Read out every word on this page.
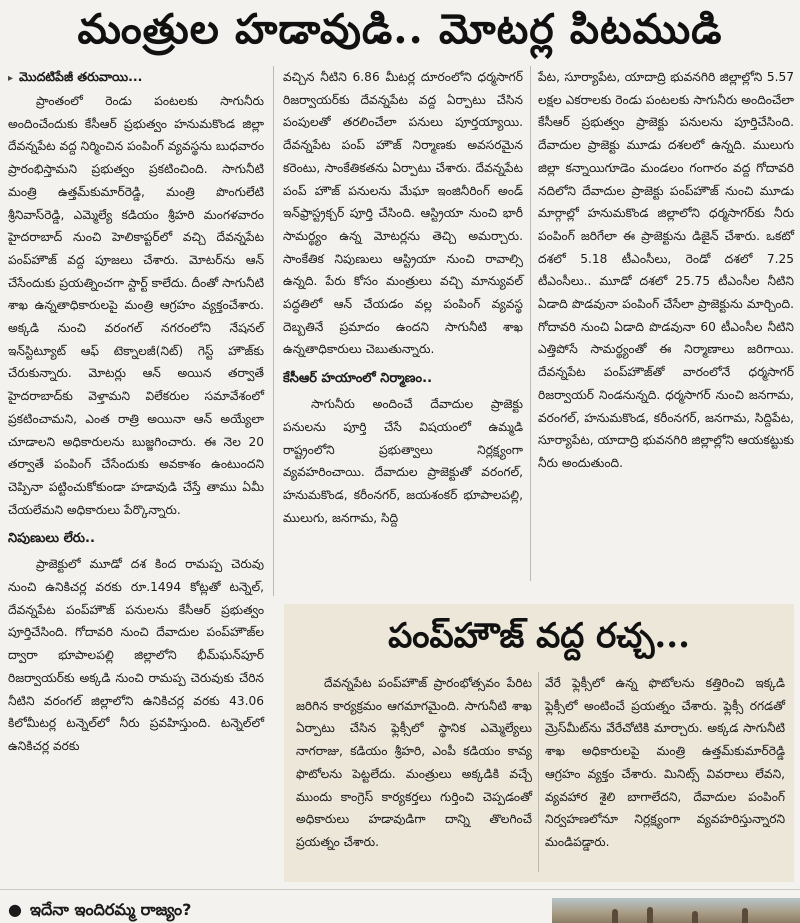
మంత్రుల హడావుడి.. మోటర్ల పిటముడి
▸ మొదటిపేజీ తరువాయి...

ప్రాంతంలో రెండు పంటలకు సాగునీరు అందించేందుకు కేసీఆర్ ప్రభుత్వం హనుమకొండ జిల్లా దేవన్నపేట వద్ద నిర్మించిన పంపింగ్ వ్యవస్థను బుధవారం ప్రారంభిస్తామని ప్రభుత్వం ప్రకటించింది. సాగునీటి మంత్రి ఉత్తమ్‌కుమార్‌రెడ్డి, మంత్రి పొంగులేటి శ్రీనివాస్‌రెడ్డి, ఎమ్మెల్యే కడియం శ్రీహరి మంగళవారం హైదరాబాద్ నుంచి హెలికాప్టర్‌లో వచ్చి దేవన్నపేట పంప్‌హౌజ్ వద్ద పూజలు చేశారు. మోటర్‌ను ఆన్ చేసేందుకు ప్రయత్నించగా స్టార్ట్ కాలేదు. దీంతో సాగునీటి శాఖ ఉన్నతాధికారులపై మంత్రి ఆగ్రహం వ్యక్తంచేశారు. అక్కడి నుంచి వరంగల్ నగరంలోని నేషనల్ ఇన్‌స్టిట్యూట్ ఆఫ్ టెక్నాలజీ(నిట్) గెస్ట్ హౌజ్‌కు చేరుకున్నారు. మోటర్లు ఆన్ అయిన తర్వాతే హైదరాబాద్‌కు వెళ్తామని విలేకరుల సమావేశంలో ప్రకటించామని, ఎంత రాత్రి అయినా ఆన్ అయ్యేలా చూడాలని అధికారులను బుజ్జగించారు. ఈ నెల 20 తర్వాతే పంపింగ్ చేసేందుకు అవకాశం ఉంటుందని చెప్పినా పట్టించుకోకుండా హడావుడి చేస్తే తాము ఏమీ చేయలేమని అధికారులు పేర్కొన్నారు.

నిపుణులు లేరు..

ప్రాజెక్టులో మూడో దశ కింద రామప్ప చెరువు నుంచి ఉనికిచర్ల వరకు రూ.1494 కోట్లతో టన్నెల్, దేవన్నపేట పంప్‌హౌజ్ పనులను కేసీఆర్ ప్రభుత్వం పూర్తిచేసింది. గోదావరి నుంచి దేవాదుల పంప్‌హౌజ్‌ల ద్వారా భూపాలపల్లి జిల్లాలోని భీమ్‌ఘన్‌పూర్ రిజర్వాయర్‌కు అక్కడి నుంచి రామప్ప చెరువుకు చేరిన నీటిని వరంగల్ జిల్లాలోని ఉనికిచర్ల వరకు 43.06 కిలోమీటర్ల టన్నెల్‌లో నీరు ప్రవహిస్తుంది. టన్నెల్‌లో ఉనికిచర్ల వరకు

వచ్చిన నీటిని 6.86 మీటర్ల దూరంలోని ధర్మసాగర్ రిజర్వాయర్‌కు దేవన్నపేట వద్ద ఏర్పాటు చేసిన పంపులతో తరలించేలా పనులు పూర్తయ్యాయి. దేవన్నపేట పంప్ హౌజ్ నిర్మాణకు అవసరమైన కరెంటు, సాంకేతికతను ఏర్పాటు చేశారు. దేవన్నపేట పంప్ హౌజ్ పనులను మేఘా ఇంజినీరింగ్ అండ్ ఇన్‌ఫ్రాస్ట్రక్చర్ పూర్తి చేసింది. ఆస్ట్రియా నుంచి భారీ సామర్థ్యం ఉన్న మోటర్లను తెచ్చి అమర్చారు. సాంకేతిక నిపుణులు ఆస్ట్రియా నుంచి రావాల్సి ఉన్నది. పేరు కోసం మంత్రులు వచ్చి మాన్యువల్ పద్ధతిలో ఆన్ చేయడం వల్ల పంపింగ్ వ్యవస్థ దెబ్బతినే ప్రమాదం ఉందని సాగునీటి శాఖ ఉన్నతాధికారులు చెబుతున్నారు.

కేసీఆర్ హయాంలో నిర్మాణం..

సాగునీరు అందించే దేవాదుల ప్రాజెక్టు పనులను పూర్తి చేసే విషయంలో ఉమ్మడి రాష్ట్రంలోని ప్రభుత్వాలు నిర్లక్ష్యంగా వ్యవహరించాయి. దేవాదుల ప్రాజెక్టుతో వరంగల్, హనుమకొండ, కరీంనగర్, జయశంకర్ భూపాలపల్లి, ములుగు, జనగామ, సిద్ది

పేట, సూర్యాపేట, యాదాద్రి భువనగిరి జిల్లాల్లోని 5.57 లక్షల ఎకరాలకు రెండు పంటలకు సాగునీరు అందించేలా కేసీఆర్ ప్రభుత్వం ప్రాజెక్టు పనులను పూర్తిచేసింది. దేవాదుల ప్రాజెక్టు మూడు దశలలో ఉన్నది. ములుగు జిల్లా కన్నాయిగూడెం మండలం గంగారం వద్ద గోదావరి నదిలోని దేవాదుల ప్రాజెక్టు పంప్‌హౌజ్ నుంచి మూడు మార్గాల్లో హనుమకొండ జిల్లాలోని ధర్మసాగర్‌కు నీరు పంపింగ్ జరిగేలా ఈ ప్రాజెక్టును డిజైన్ చేశారు. ఒకటో దశలో 5.18 టీఎంసీలు, రెండో దశలో 7.25 టీఎంసీలు.. మూడో దశలో 25.75 టీఎంసీల నీటిని ఏడాది పొడవునా పంపింగ్ చేసేలా ప్రాజెక్టును మార్చింది. గోదావరి నుంచి ఏడాది పొడవునా 60 టీఎంసీల నీటిని ఎత్తిపోసే సామర్థ్యంతో ఈ నిర్మాణాలు జరిగాయి. దేవన్నపేట పంప్‌హౌజ్‌తో వారంలోనే ధర్మసాగర్ రిజర్వాయర్ నిండనున్నది. ధర్మసాగర్ నుంచి జనగామ, వరంగల్, హనుమకొండ, కరీంనగర్, జనగామ, సిద్దిపేట, సూర్యాపేట, యాదాద్రి భువనగిరి జిల్లాల్లోని ఆయకట్టుకు నీరు అందుతుంది.

పంప్‌హౌజ్ వద్ద రచ్చ...

దేవన్నపేట పంప్‌హౌజ్ ప్రారంభోత్సవం పేరిట జరిగిన కార్యక్రమం ఆగమాగమైంది. సాగునీటి శాఖ ఏర్పాటు చేసిన ఫ్లెక్సీలో స్థానిక ఎమ్మెల్యేలు నాగరాజు, కడియం శ్రీహరి, ఎంపీ కడియం కావ్య ఫొటోలను పెట్టలేదు. మంత్రులు అక్కడికి వచ్చే ముందు కాంగ్రెస్ కార్యకర్తలు గుర్తించి చెప్పడంతో అధికారులు హడావుడిగా దాన్ని తొలగించే ప్రయత్నం చేశారు.

వేరే ఫ్లెక్సీలో ఉన్న ఫొటోలను కత్తిరించి ఇక్కడి ఫ్లెక్సీలో అంటించే ప్రయత్నం చేశారు. ఫ్లెక్సీ రగడతో మ్రెస్‌మీట్‌ను వేరేచోటికి మార్చారు. అక్కడ సాగునీటి శాఖ అధికారులపై మంత్రి ఉత్తమ్‌కుమార్‌రెడ్డి ఆగ్రహం వ్యక్తం చేశారు. మినిట్స్ వివరాలు లేవని, వ్యవహార శైలి బాగాలేదని, దేవాదుల పంపింగ్ నిర్వహణలోనూ నిర్లక్ష్యంగా వ్యవహరిస్తున్నారని మండిపడ్డారు.

● ఇదేనా ఇందిరమ్మ రాజ్యం?
